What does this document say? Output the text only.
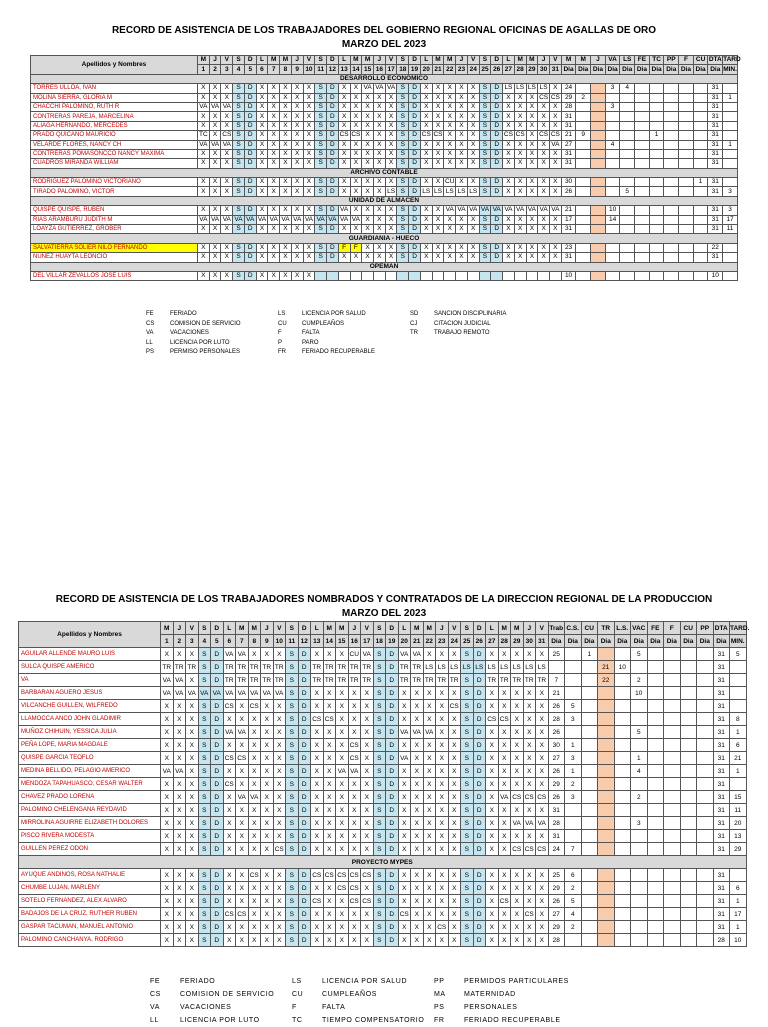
RECORD DE ASISTENCIA DE LOS TRABAJADORES DEL GOBIERNO REGIONAL OFICINAS DE AGALLAS DE ORO
MARZO DEL 2023
Apellidos y Nombres	M	J	V	S	D	L	M	M	J	V	S	D	L	M	M	J	V	S	D	L	M	M	J	V	S	D	L	M	M	J	V	M	M	J	VA	LS	FE	TC	PP	F	CU	DTA	TARD
	1	2	3	4	5	6	7	8	9	10	11	12	13	14	15	16	17	18	19	20	21	22	23	24	25	26	27	28	29	30	31	Dia	Dia	Dia	Dia	Dia	Dia	Dia	Dia	Dia	Dia	Dia	MIN.
DESARROLLO ECONOMICO																																											
TORRES ULLOA, IVAN	X	X	X	S	D	X	X	X	X	X	S	D	X	X	VA	VA	VA	S	D	X	X	X	X	X	S	D	LS	LS	LS	LS	X	24			3	4						31	
MOLINA SIERRA, GLORIA M	X	X	X	S	D	X	X	X	X	X	S	D	X	X	X	X	X	S	D	X	X	X	X	X	S	D	X	X	X	CS	CS	29	2									31	1
CHACCHI PALOMINO, RUTH R	VA	VA	VA	S	D	X	X	X	X	X	S	D	X	X	X	X	X	S	D	X	X	X	X	X	S	D	X	X	X	X	X	28			3							31	
CONTRERAS PAREJA, MARCELINA	X	X	X	S	D	X	X	X	X	X	S	D	X	X	X	X	X	S	D	X	X	X	X	X	S	D	X	X	X	X	X	31										31	
ALIAGA HERNANDO, MERCEDES	X	X	X	S	D	X	X	X	X	X	S	D	X	X	X	X	X	S	D	X	X	X	X	X	S	D	X	X	X	X	X	31										31	
PRADO QUICANO MAURICIO	TC	X	CS	S	D	X	X	X	X	X	S	D	CS	CS	X	X	X	S	D	CS	CS	X	X	X	S	D	CS	CS	X	CS	CS	21	9					1				31	
VELARDE FLORES, NANCY CH	VA	VA	VA	S	D	X	X	X	X	X	S	D	X	X	X	X	X	S	D	X	X	X	X	X	S	D	X	X	X	X	VA	27			4							31	1
CONTRERAS POMASONCCO NANCY MAXIMA	X	X	X	S	D	X	X	X	X	X	S	D	X	X	X	X	X	S	D	X	X	X	X	X	S	D	X	X	X	X	X	31										31	
CUADROS MIRANDA WILLIAM	X	X	X	S	D	X	X	X	X	X	S	D	X	X	X	X	X	S	D	X	X	X	X	X	S	D	X	X	X	X	X	31										31	
ARCHIVO CONTABLE																																											
RODRIGUEZ PALOMINO VICTORIANO	X	X	X	S	D	X	X	X	X	X	S	D	X	X	X	X	X	S	D	X	X	CU	X	X	S	D	X	X	X	X	X	30									1	31	
TIRADO PALOMINO, VICTOR	X	X	X	S	D	X	X	X	X	X	S	D	X	X	X	X	LS	S	D	LS	LS	LS	LS	LS	S	D	X	X	X	X	X	26				5						31	3
UNIDAD DE ALMACEN																																											
QUISPE QUISPE, RUBEN	X	X	X	S	D	X	X	X	X	X	S	D	VA	X	X	X	X	S	D	X	X	VA	VA	VA	VA	VA	VA	VA	VA	VA	VA	21			10							31	3
RIAS ARAMBURU JUDITH M	VA	VA	VA	VA	VA	VA	VA	VA	VA	VA	VA	VA	VA	VA	X	X	X	S	D	X	X	X	X	X	S	D	X	X	X	X	X	17			14							31	17
LOAYZA GUTIERREZ, GROBER	X	X	X	S	D	X	X	X	X	X	S	D	X	X	X	X	X	S	D	X	X	X	X	X	S	D	X	X	X	X	X	31										31	11
GUARDIANIA - HUECO																																											
SALVATIERRA SOLIER NILO FERNANDO	X	X	X	S	D	X	X	X	X	X	S	D	F	F	X	X	X	S	D	X	X	X	X	X	S	D	X	X	X	X	X	23										22	
NUÑEZ HUAYTA LEONCIO	X	X	X	S	D	X	X	X	X	X	S	D	X	X	X	X	X	S	D	X	X	X	X	X	S	D	X	X	X	X	X	31										31	
OPEMAN																																											
DEL VILLAR ZEVALLOS JOSE LUIS	X	X	X	S	D	X	X	X	X	X																						10										10	
FE	FERIADO	LS	LICENCIA POR SALUD	SD	SANCION DISCIPLINARIA
CS	COMISION DE SERVICIO	CU	CUMPLEAÑOS	CJ	CITACION JUDICIAL
VA	VACACIONES	F	FALTA	TR	TRABAJO REMOTO
LL	LICENCIA POR LUTO	P	PARO
PS	PERMISO PERSONALES	FR	FERIADO RECUPERABLE
RECORD DE ASISTENCIA DE LOS TRABAJADORES NOMBRADOS Y CONTRATADOS DE LA DIRECCION REGIONAL DE LA PRODUCCION
MARZO DEL 2023
Apellidos y Nombres	M	J	V	S	D	L	M	M	J	V	S	D	L	M	M	J	V	S	D	L	M	M	J	V	S	D	L	M	M	J	V	Trab	C.S.	CU	TR	L.S.	VAC	FE	F	CU	PP	DTA	TARD.
	1	2	3	4	5	6	7	8	9	10	11	12	13	14	15	16	17	18	19	20	21	22	23	24	25	26	27	28	29	30	31	Dia	Dia	Dia	Dia	Dia	Dia	Dia	Dia	Dia	Dia	Dia	MIN.
AGUILAR ALLENDE MAURO LUIS	X	X	X	S	D	VA	VA	X	X	X	S	D	X	X	X	CU	VA	S	D	VA	VA	X	X	X	S	D	X	X	X	X	X	25		1			5					31	5
SULCA QUISPE AMERICO	TR	TR	TR	S	D	TR	TR	TR	TR	TR	S	D	TR	TR	TR	TR	TR	S	D	TR	TR	LS	LS	LS	LS	LS	LS	LS	LS	LS	LS				21	10						31	
VA	VA	VA	X	S	D	TR	TR	TR	TR	TR	S	D	TR	TR	TR	TR	TR	S	D	TR	TR	TR	TR	TR	S	D	TR	TR	TR	TR	TR	7			22		2					31	
BARBARAN AGUERO JESUS	VA	VA	VA	VA	VA	VA	VA	VA	VA	VA	S	D	X	X	X	X	X	S	D	X	X	X	X	X	S	D	X	X	X	X	X	21					10					31	
VILCANCHE GUILLEN, WILFREDO	X	X	X	S	D	CS	X	CS	X	X	S	D	X	X	X	X	X	S	D	X	X	X	X	CS	S	D	X	X	X	X	X	26	5									31	
LLAMOCCA ANCO JOHN GLADIMIR	X	X	X	S	D	X	X	X	X	X	S	D	CS	CS	X	X	X	S	D	X	X	X	X	X	S	D	CS	CS	X	X	X	28	3									31	8
MUÑOZ CHIHUIN, YESSICA JULIA	X	X	X	S	D	VA	VA	X	X	X	S	D	X	X	X	X	X	S	D	VA	VA	VA	X	X	S	D	X	X	X	X	X	26					5					31	1
PEÑA LOPE, MARIA MAGDALE	X	X	X	S	D	X	X	X	X	X	S	D	X	X	X	CS	X	S	D	X	X	X	X	X	S	D	X	X	X	X	X	30	1									31	6
QUISPE GARCIA TEOFLO	X	X	X	S	D	CS	CS	X	X	X	S	D	X	X	X	CS	X	S	D	VA	X	X	X	X	S	D	X	X	X	X	X	27	3				1					31	21
MEDINA BELLIDO, PELAGIO AMERICO	VA	VA	X	S	D	X	X	X	X	X	S	D	X	X	VA	VA	X	S	D	X	X	X	X	X	S	D	X	X	X	X	X	26	1				4					31	1
MENDOZA TAPAHUASCO, CESAR WALTER	X	X	X	S	D	CS	X	X	X	X	S	D	X	X	X	X	X	S	D	X	X	X	X	X	S	D	X	X	X	X	X	29	2									31	
CHAVEZ PRADO LORENA	X	X	X	S	D	X	VA	VA	X	X	S	D	X	X	X	X	X	S	D	X	X	X	X	X	S	D	X	VA	CS	CS	CS	26	3				2					31	15
PALOMINO CHELENGANA REYDAVID	X	X	X	S	D	X	X	X	X	X	S	D	X	X	X	X	X	S	D	X	X	X	X	X	S	D	X	X	X	X	X	31										31	11
MIRROLINA AGUIRRE ELIZABETH DOLORES	X	X	X	S	D	X	X	X	X	X	S	D	X	X	X	X	X	S	D	X	X	X	X	X	S	D	X	X	VA	VA	VA	28					3					31	20
PISCO RIVERA MODESTA	X	X	X	S	D	X	X	X	X	X	S	D	X	X	X	X	X	S	D	X	X	X	X	X	S	D	X	X	X	X	X	31										31	13
GUILLEN PEREZ ODON	X	X	X	S	D	X	X	X	X	CS	S	D	X	X	X	X	X	S	D	X	X	X	X	X	S	D	X	X	CS	CS	CS	24	7									31	29
PROYECTO MYPES																																											
AYUQUE ANDINOS, ROSA NATHALIE	X	X	X	S	D	X	X	CS	X	X	S	D	CS	CS	CS	CS	CS	S	D	X	X	X	X	X	S	D	X	X	X	X	X	25	6									31	
CHUMBE LUJAN, MARLENY	X	X	X	S	D	X	X	X	X	X	S	D	X	X	CS	CS	X	S	D	X	X	X	X	X	S	D	X	X	X	X	X	29	2									31	6
SOTELO FERNANDEZ, ALEX ALVARO	X	X	X	S	D	X	X	X	X	X	S	D	CS	X	X	CS	CS	S	D	X	X	X	X	X	S	D	X	CS	X	X	X	26	5									31	1
BADAJOS DE LA CRUZ, RUTHER RUBEN	X	X	X	S	D	CS	CS	X	X	X	S	D	X	X	X	X	X	S	D	CS	X	X	X	X	S	D	X	X	X	CS	X	27	4									31	17
GASPAR TACUMAN, MANUEL ANTONIO	X	X	X	S	D	X	X	X	X	X	S	D	X	X	X	X	X	S	D	X	X	X	CS	X	S	D	X	X	X	X	X	29	2									31	1
PALOMINO CANCHANYA, RODRIGO	X	X	X	S	D	X	X	X	X	X	S	D	X	X	X	X	X	S	D	X	X	X	X	X	S	D	X	X	X	X	X	28										28	10
FE	FERIADO	LS	LICENCIA POR SALUD	PP	PERMIDOS PARTICULARES
CS	COMISION DE SERVICIO	CU	CUMPLEAÑOS	MA	MATERNIDAD
VA	VACACIONES	F	FALTA	PS	PERSONALES
LL	LICENCIA POR LUTO	TC	TIEMPO COMPENSATORIO	FR	FERIADO RECUPERABLE
